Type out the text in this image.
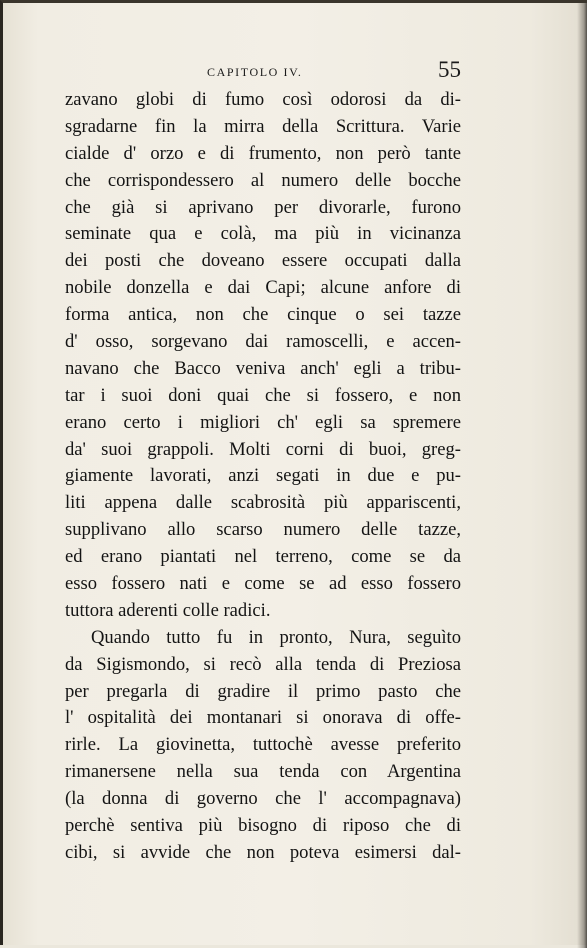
CAPITOLO IV.	55
zavano globi di fumo così odorosi da di-
sgradarne fin la mirra della Scrittura. Varie
cialde d' orzo e di frumento, non però tante
che corrispondessero al numero delle bocche
che già si aprivano per divorarle, furono
seminate qua e colà, ma più in vicinanza
dei posti che doveano essere occupati dalla
nobile donzella e dai Capi; alcune anfore di
forma antica, non che cinque o sei tazze
d' osso, sorgevano dai ramoscelli, e accen-
navano che Bacco veniva anch' egli a tribu-
tar i suoi doni quai che si fossero, e non
erano certo i migliori ch' egli sa spremere
da' suoi grappoli. Molti corni di buoi, greg-
giamente lavorati, anzi segati in due e pu-
liti appena dalle scabrosità più appariscenti,
supplivano allo scarso numero delle tazze,
ed erano piantati nel terreno, come se da
esso fossero nati e come se ad esso fossero
tuttora aderenti colle radici.
Quando tutto fu in pronto, Nura, seguìto
da Sigismondo, si recò alla tenda di Preziosa
per pregarla di gradire il primo pasto che
l' ospitalità dei montanari si onorava di offe-
rirle. La giovinetta, tuttochè avesse preferito
rimanersene nella sua tenda con Argentina
(la donna di governo che l' accompagnava)
perchè sentiva più bisogno di riposo che di
cibi, si avvide che non poteva esimersi dal-
